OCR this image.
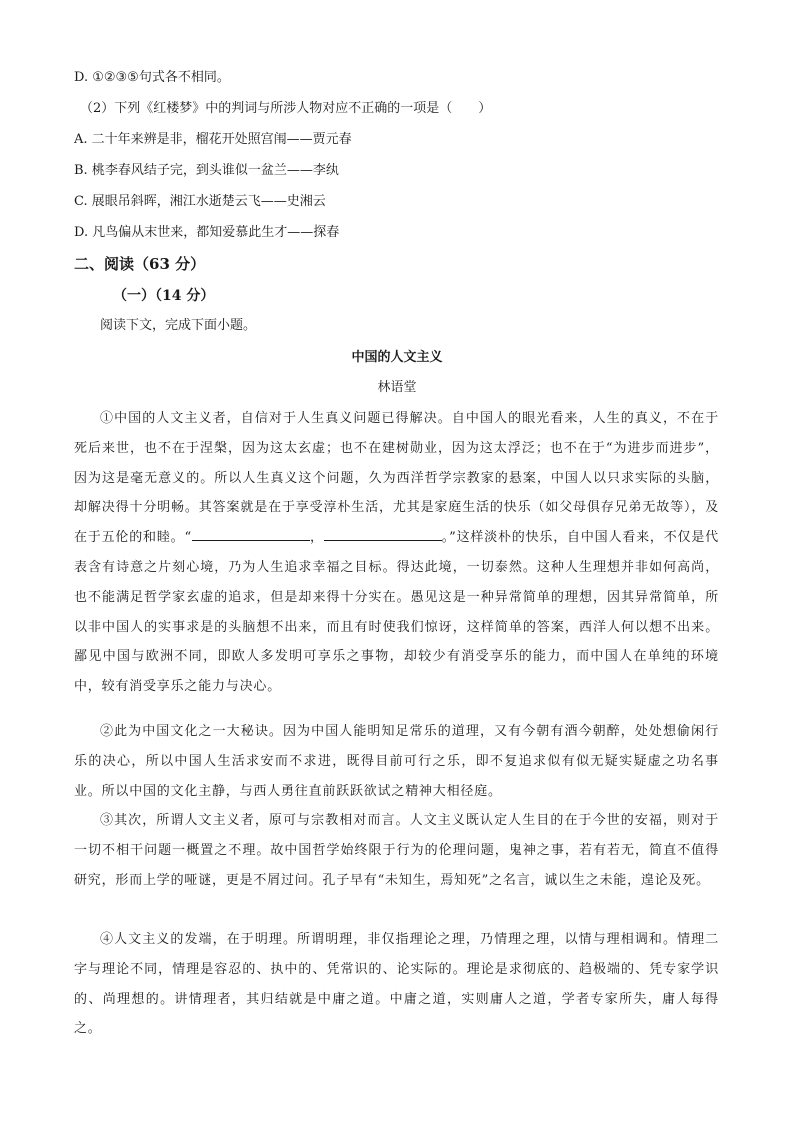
D. ①②③⑤句式各不相同。
（2）下列《红楼梦》中的判词与所涉人物对应不正确的一项是（　　）
A. 二十年来辨是非，榴花开处照宫闱——贾元春
B. 桃李春风结子完，到头谁似一盆兰——李纨
C. 展眼吊斜晖，湘江水逝楚云飞——史湘云
D. 凡鸟偏从末世来，都知爱慕此生才——探春
二、阅读（63 分）
（一）（14 分）
阅读下文，完成下面小题。
中国的人文主义
林语堂

①中国的人文主义者，自信对于人生真义问题已得解决。自中国人的眼光看来，人生的真义，不在于死后来世，也不在于涅槃，因为这太玄虚；也不在建树勋业，因为这太浮泛；也不在于“为进步而进步”，因为这是毫无意义的。所以人生真义这个问题，久为西洋哲学宗教家的悬案，中国人以只求实际的头脑，却解决得十分明畅。其答案就是在于享受淳朴生活，尤其是家庭生活的快乐（如父母俱存兄弟无故等），及在于五伦的和睦。“	，	。”这样淡朴的快乐，自中国人看来，不仅是代表含有诗意之片刻心境，乃为人生追求幸福之目标。得达此境，一切泰然。这种人生理想并非如何高尚，也不能满足哲学家玄虚的追求，但是却来得十分实在。愚见这是一种异常简单的理想，因其异常简单，所以非中国人的实事求是的头脑想不出来，而且有时使我们惊讶，这样简单的答案，西洋人何以想不出来。鄙见中国与欧洲不同，即欧人多发明可享乐之事物，却较少有消受享乐的能力，而中国人在单纯的环境中，较有消受享乐之能力与决心。

②此为中国文化之一大秘诀。因为中国人能明知足常乐的道理，又有今朝有酒今朝醉，处处想偷闲行乐的决心，所以中国人生活求安而不求进，既得目前可行之乐，即不复追求似有似无疑实疑虚之功名事业。所以中国的文化主静，与西人勇往直前跃跃欲试之精神大相径庭。

③其次，所谓人文主义者，原可与宗教相对而言。人文主义既认定人生目的在于今世的安福，则对于一切不相干问题一概置之不理。故中国哲学始终限于行为的伦理问题，鬼神之事，若有若无，简直不值得研究，形而上学的哑谜，更是不屑过问。孔子早有“未知生，焉知死”之名言，诚以生之未能，遑论及死。

④人文主义的发端，在于明理。所谓明理，非仅指理论之理，乃情理之理，以情与理相调和。情理二字与理论不同，情理是容忍的、执中的、凭常识的、论实际的。理论是求彻底的、趋极端的、凭专家学识的、尚理想的。讲情理者，其归结就是中庸之道。中庸之道，实则庸人之道，学者专家所失，庸人每得之。
